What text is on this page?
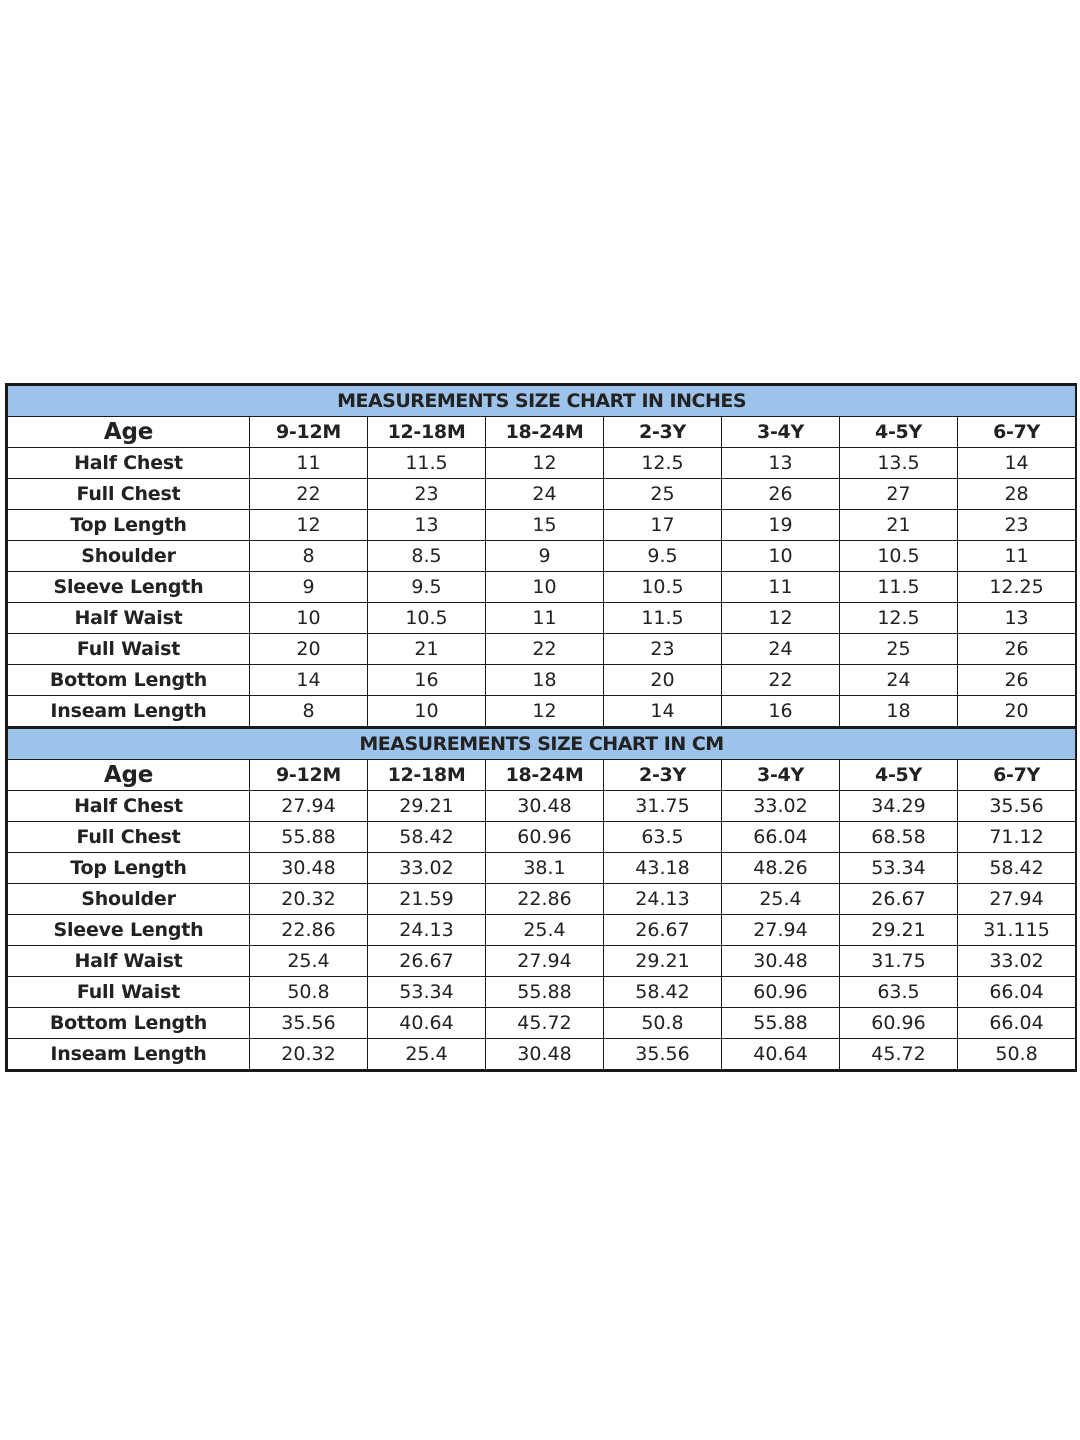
MEASUREMENTS SIZE CHART IN INCHES							
Age	9-12M	12-18M	18-24M	2-3Y	3-4Y	4-5Y	6-7Y
Half Chest	11	11.5	12	12.5	13	13.5	14
Full Chest	22	23	24	25	26	27	28
Top Length	12	13	15	17	19	21	23
Shoulder	8	8.5	9	9.5	10	10.5	11
Sleeve Length	9	9.5	10	10.5	11	11.5	12.25
Half Waist	10	10.5	11	11.5	12	12.5	13
Full Waist	20	21	22	23	24	25	26
Bottom Length	14	16	18	20	22	24	26
Inseam Length	8	10	12	14	16	18	20
MEASUREMENTS SIZE CHART IN CM							
Age	9-12M	12-18M	18-24M	2-3Y	3-4Y	4-5Y	6-7Y
Half Chest	27.94	29.21	30.48	31.75	33.02	34.29	35.56
Full Chest	55.88	58.42	60.96	63.5	66.04	68.58	71.12
Top Length	30.48	33.02	38.1	43.18	48.26	53.34	58.42
Shoulder	20.32	21.59	22.86	24.13	25.4	26.67	27.94
Sleeve Length	22.86	24.13	25.4	26.67	27.94	29.21	31.115
Half Waist	25.4	26.67	27.94	29.21	30.48	31.75	33.02
Full Waist	50.8	53.34	55.88	58.42	60.96	63.5	66.04
Bottom Length	35.56	40.64	45.72	50.8	55.88	60.96	66.04
Inseam Length	20.32	25.4	30.48	35.56	40.64	45.72	50.8
